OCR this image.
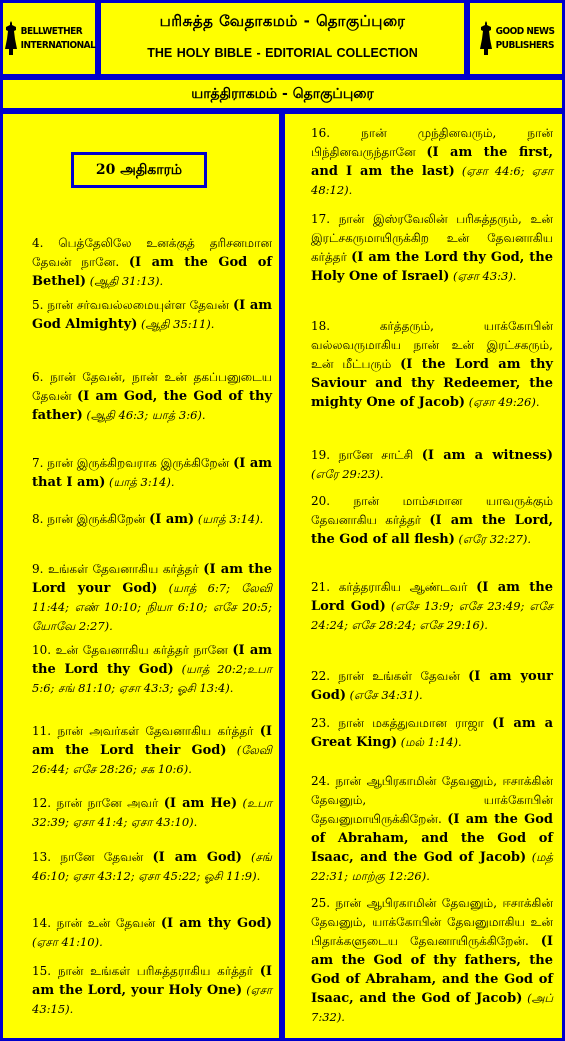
BELLWETHER
INTERNATIONAL
பரிசுத்த வேதாகமம் - தொகுப்புரை
THE HOLY BIBLE - EDITORIAL COLLECTION
GOOD NEWS
PUBLISHERS
யாத்திராகமம் - தொகுப்புரை
20 அதிகாரம்
4. பெத்தேலிலே உனக்குத் தரிசனமான தேவன் நானே. (I am the God of Bethel) (ஆதி 31:13).
5. நான் சர்வவல்லமையுள்ள தேவன் (I am God Almighty) (ஆதி 35:11).
6. நான் தேவன், நான் உன் தகப்பனுடைய தேவன் (I am God, the God of thy father) (ஆதி 46:3; யாத் 3:6).
7. நான் இருக்கிறவராக இருக்கிறேன் (I am that I am) (யாத் 3:14).
8. நான் இருக்கிறேன் (I am) (யாத் 3:14).
9. உங்கள் தேவனாகிய கர்த்தர் (I am the Lord your God) (யாத் 6:7; லேவி 11:44; எண் 10:10; நியா 6:10; எசே 20:5; யோவே 2:27).
10. உன் தேவனாகிய கர்த்தர் நானே (I am the Lord thy God) (யாத் 20:2;உபா 5:6; சங் 81:10; ஏசா 43:3; ஓசி 13:4).
11. நான் அவர்கள் தேவனாகிய கர்த்தர் (I am the Lord their God) (லேவி 26:44; எசே 28:26; சக 10:6).
12. நான் நானே அவர் (I am He) (உபா 32:39; ஏசா 41:4; ஏசா 43:10).
13. நானே தேவன் (I am God) (சங் 46:10; ஏசா 43:12; ஏசா 45:22; ஓசி 11:9).
14. நான் உன் தேவன் (I am thy God) (ஏசா 41:10).
15. நான் உங்கள் பரிசுத்தராகிய கர்த்தர் (I am the Lord, your Holy One) (ஏசா 43:15).
16. நான் முந்தினவரும், நான் பிந்தினவருந்தானே (I am the first, and I am the last) (ஏசா 44:6; ஏசா 48:12).
17. நான் இஸ்ரவேலின் பரிசுத்தரும், உன் இரட்சகருமாயிருக்கிற உன் தேவனாகிய கர்த்தர் (I am the Lord thy God, the Holy One of Israel) (ஏசா 43:3).
18. கர்த்தரும், யாக்கோபின் வல்லவருமாகிய நான் உன் இரட்சகரும், உன் மீட்பரும் (I the Lord am thy Saviour and thy Redeemer, the mighty One of Jacob) (ஏசா 49:26).
19. நானே சாட்சி (I am a witness) (எரே 29:23).
20. நான் மாம்சமான யாவருக்கும் தேவனாகிய கர்த்தர் (I am the Lord, the God of all flesh) (எரே 32:27).
21. கர்த்தராகிய ஆண்டவர் (I am the Lord God) (எசே 13:9; எசே 23:49; எசே 24:24; எசே 28:24; எசே 29:16).
22. நான் உங்கள் தேவன் (I am your God) (எசே 34:31).
23. நான் மகத்துவமான ராஜா (I am a Great King) (மல் 1:14).
24. நான் ஆபிரகாமின் தேவனும், ஈசாக்கின் தேவனும், யாக்கோபின் தேவனுமாயிருக்கிறேன். (I am the God of Abraham, and the God of Isaac, and the God of Jacob) (மத் 22:31; மாற்கு 12:26).
25. நான் ஆபிரகாமின் தேவனும், ஈசாக்கின் தேவனும், யாக்கோபின் தேவனுமாகிய உன் பிதாக்களுடைய தேவனாயிருக்கிறேன். (I am the God of thy fathers, the God of Abraham, and the God of Isaac, and the God of Jacob) (அப் 7:32).
